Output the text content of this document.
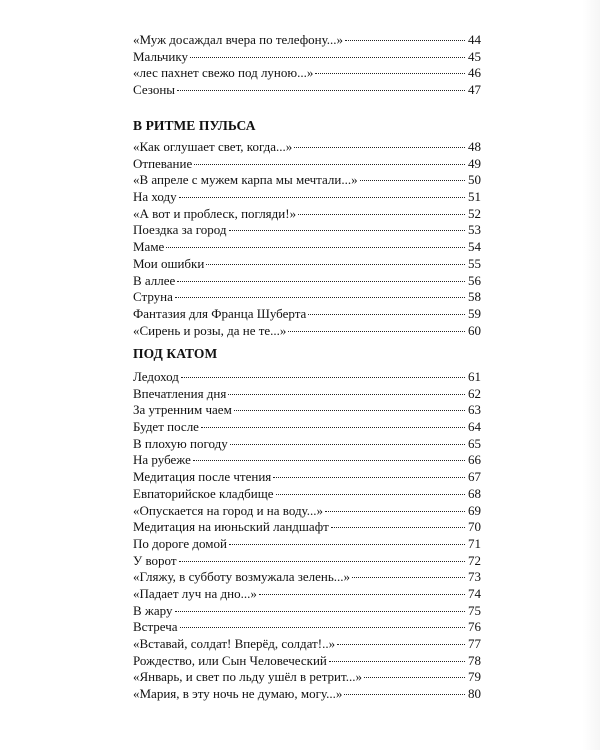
«Муж досаждал вчера по телефону...»	44
Мальчику	45
«лес пахнет свежо под луною...»	46
Сезоны	47
В РИТМЕ ПУЛЬСА
«Как оглушает свет, когда...»	48
Отпевание	49
«В апреле с мужем карпа мы мечтали...»	50
На ходу	51
«А вот и проблеск, погляди!»	52
Поездка за город	53
Маме	54
Мои ошибки	55
В аллее	56
Струна	58
Фантазия для Франца Шуберта	59
«Сирень и розы, да не те...»	60
ПОД КАТОМ
Ледоход	61
Впечатления дня	62
За утренним чаем	63
Будет после	64
В плохую погоду	65
На рубеже	66
Медитация после чтения	67
Евпаторийское кладбище	68
«Опускается на город и на воду...»	69
Медитация на июньский ландшафт	70
По дороге домой	71
У ворот	72
«Гляжу, в субботу возмужала зелень...»	73
«Падает луч на дно...»	74
В жару	75
Встреча	76
«Вставай, солдат! Вперёд, солдат!..»	77
Рождество, или Сын Человеческий	78
«Январь, и свет по льду ушёл в ретрит...»	79
«Мария, в эту ночь не думаю, могу...»	80
